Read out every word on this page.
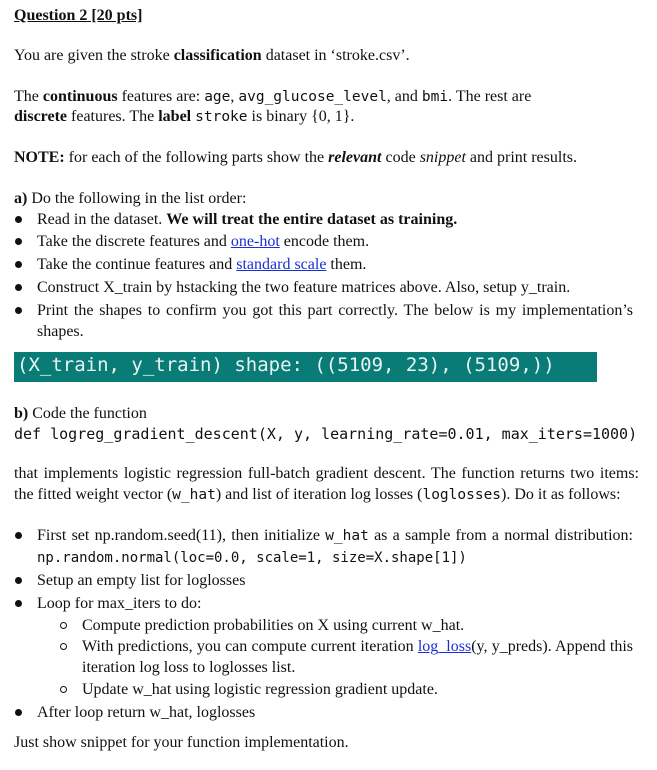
Question 2 [20 pts]
You are given the stroke classification dataset in ‘stroke.csv’.
The continuous features are: age, avg_glucose_level, and bmi. The rest are
discrete features. The label stroke is binary {0, 1}.
NOTE: for each of the following parts show the relevant code snippet and print results.
a) Do the following in the list order:
Read in the dataset. We will treat the entire dataset as training.
Take the discrete features and one-hot encode them.
Take the continue features and standard scale them.
Construct X_train by hstacking the two feature matrices above. Also, setup y_train.
Print the shapes to confirm you got this part correctly. The below is my implementation’s shapes.
(X_train, y_train) shape: ((5109, 23), (5109,))
b) Code the function
def logreg_gradient_descent(X, y, learning_rate=0.01, max_iters=1000)
that implements logistic regression full-batch gradient descent. The function returns two items: the fitted weight vector (w_hat) and list of iteration log losses (loglosses). Do it as follows:
First set np.random.seed(11), then initialize w_hat as a sample from a normal distribution: np.random.normal(loc=0.0, scale=1, size=X.shape[1])
Setup an empty list for loglosses
Loop for max_iters to do:
Compute prediction probabilities on X using current w_hat.
With predictions, you can compute current iteration log_loss(y, y_preds). Append this iteration log loss to loglosses list.
Update w_hat using logistic regression gradient update.
After loop return w_hat, loglosses
Just show snippet for your function implementation.
